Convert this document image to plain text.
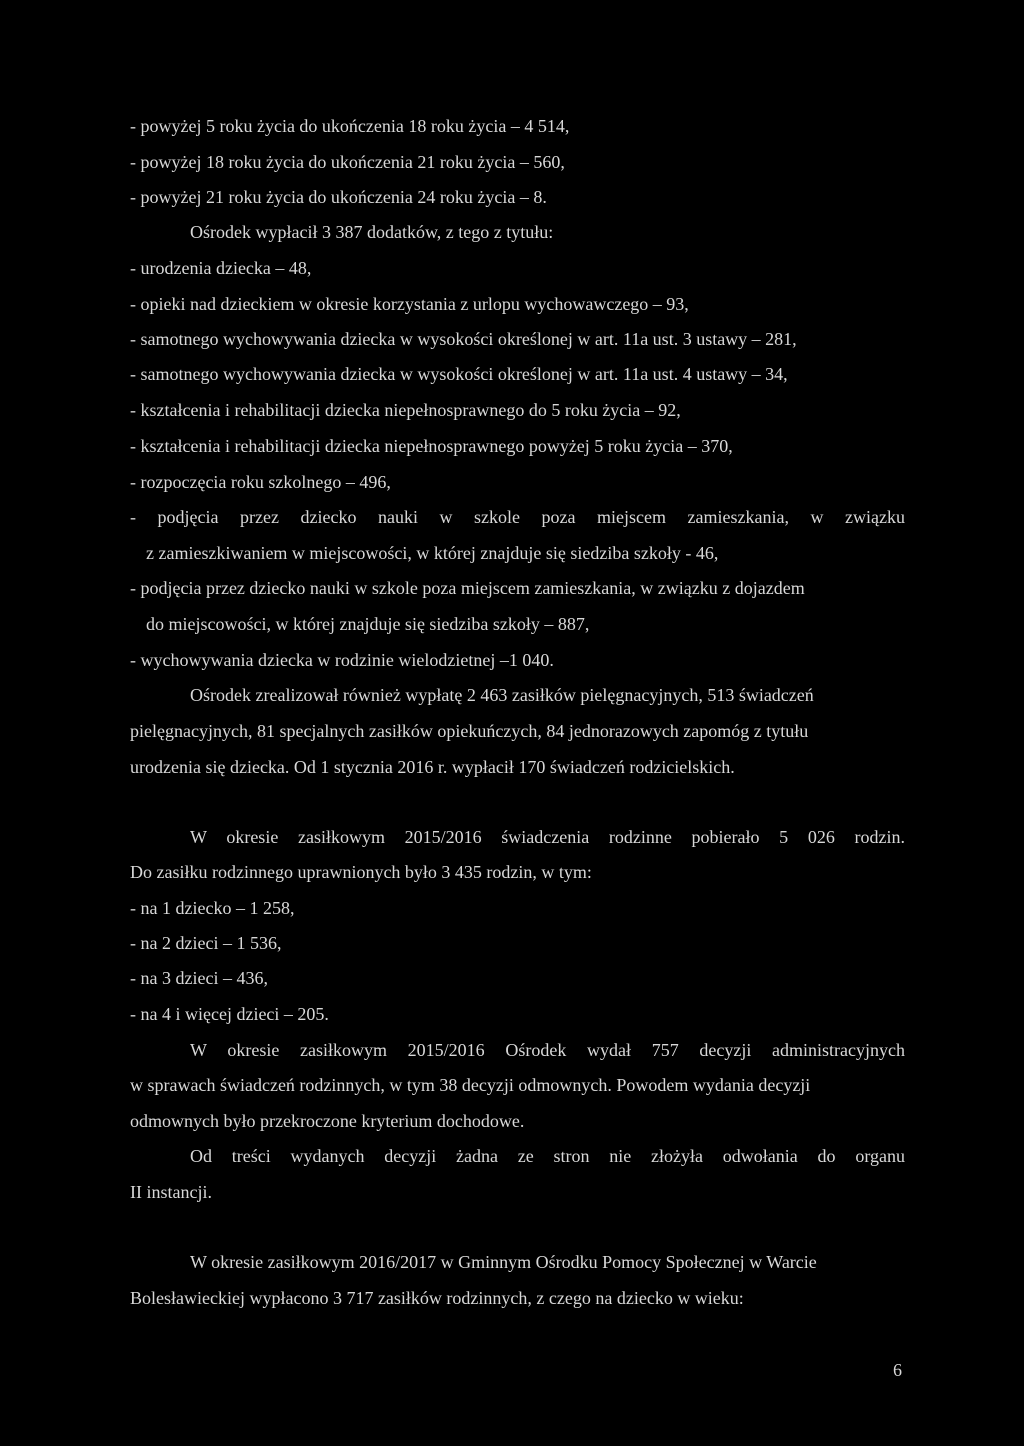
- powyżej 5 roku życia do ukończenia 18 roku życia – 4 514,
- powyżej 18 roku życia do ukończenia 21 roku życia – 560,
- powyżej 21 roku życia do ukończenia 24 roku życia – 8.
Ośrodek wypłacił 3 387 dodatków, z tego z tytułu:
- urodzenia dziecka – 48,
- opieki nad dzieckiem w okresie korzystania z urlopu wychowawczego – 93,
- samotnego wychowywania dziecka w wysokości określonej w art. 11a ust. 3 ustawy – 281,
- samotnego wychowywania dziecka w wysokości określonej w art. 11a ust. 4 ustawy – 34,
- kształcenia i rehabilitacji dziecka niepełnosprawnego do 5 roku życia – 92,
- kształcenia i rehabilitacji dziecka niepełnosprawnego powyżej 5 roku życia – 370,
- rozpoczęcia roku szkolnego – 496,
- podjęcia przez dziecko nauki w szkole poza miejscem zamieszkania, w związku
z zamieszkiwaniem w miejscowości, w której znajduje się siedziba szkoły - 46,
- podjęcia przez dziecko nauki w szkole poza miejscem zamieszkania, w związku z dojazdem
do miejscowości, w której znajduje się siedziba szkoły – 887,
- wychowywania dziecka w rodzinie wielodzietnej –1 040.
Ośrodek zrealizował również wypłatę 2 463 zasiłków pielęgnacyjnych, 513 świadczeń
pielęgnacyjnych, 81 specjalnych zasiłków opiekuńczych, 84 jednorazowych zapomóg z tytułu
urodzenia się dziecka. Od 1 stycznia 2016 r. wypłacił 170 świadczeń rodzicielskich.
W okresie zasiłkowym 2015/2016 świadczenia rodzinne pobierało 5 026 rodzin.
Do zasiłku rodzinnego uprawnionych było 3 435 rodzin, w tym:
- na 1 dziecko – 1 258,
- na 2 dzieci – 1 536,
- na 3 dzieci – 436,
- na 4 i więcej dzieci – 205.
W okresie zasiłkowym 2015/2016 Ośrodek wydał 757 decyzji administracyjnych
w sprawach świadczeń rodzinnych, w tym 38 decyzji odmownych. Powodem wydania decyzji
odmownych było przekroczone kryterium dochodowe.
Od treści wydanych decyzji żadna ze stron nie złożyła odwołania do organu
II instancji.
W okresie zasiłkowym 2016/2017 w Gminnym Ośrodku Pomocy Społecznej w Warcie
Bolesławieckiej wypłacono 3 717 zasiłków rodzinnych, z czego na dziecko w wieku:
6
